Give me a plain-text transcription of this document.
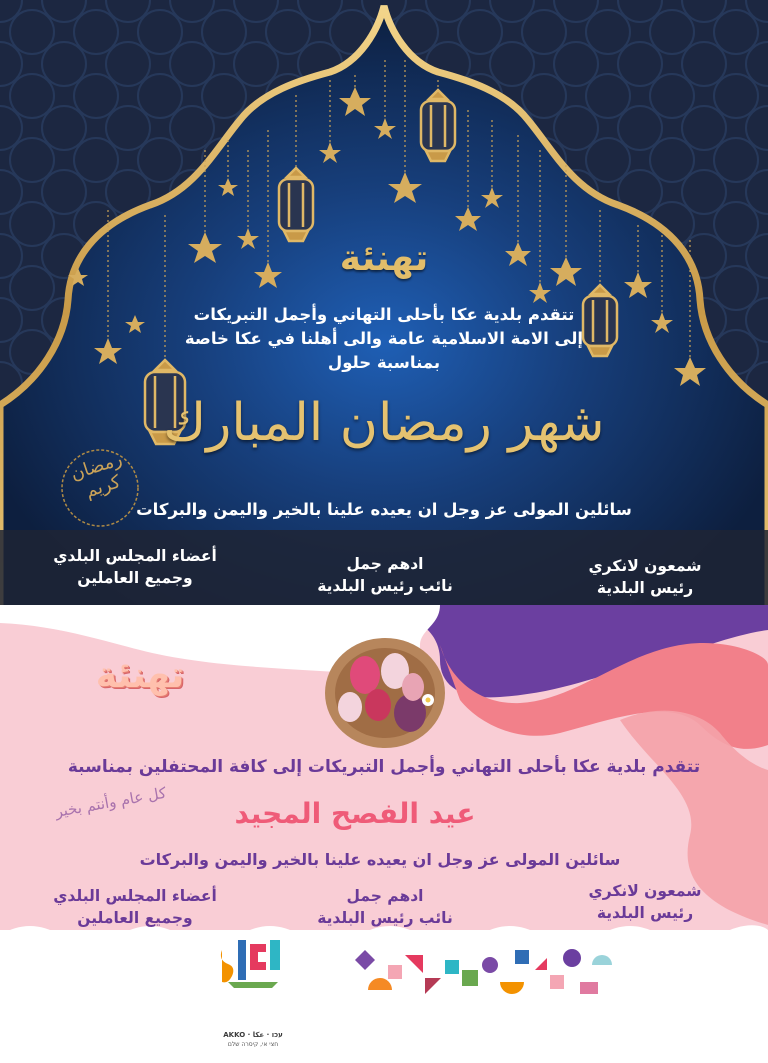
تهنئة
تتقدم بلدية عكا بأحلى التهاني وأجمل التبريكات
إلى الامة الاسلامية عامة والى أهلنا في عكا خاصة
بمناسبة حلول
شهر رمضان المبارك
رمضان كريم
سائلين المولى عز وجل ان يعيده علينا بالخير واليمن والبركات
شمعون لانكري
رئيس البلدية
ادهم جمل
نائب رئيس البلدية
أعضاء المجلس البلدي
وجميع العاملين
تهنئة
تتقدم بلدية عكا بأحلى التهاني وأجمل التبريكات إلى كافة المحتفلين بمناسبة
كل عام وأنتم بخير	عيد الفصح المجيد
سائلين المولى عز وجل ان يعيده علينا بالخير واليمن والبركات
شمعون لانكري
رئيس البلدية
ادهم جمل
نائب رئيس البلدية
أعضاء المجلس البلدي
وجميع العاملين
AKKO · עכו · عكا
חצי אי, קיסרה שלם
